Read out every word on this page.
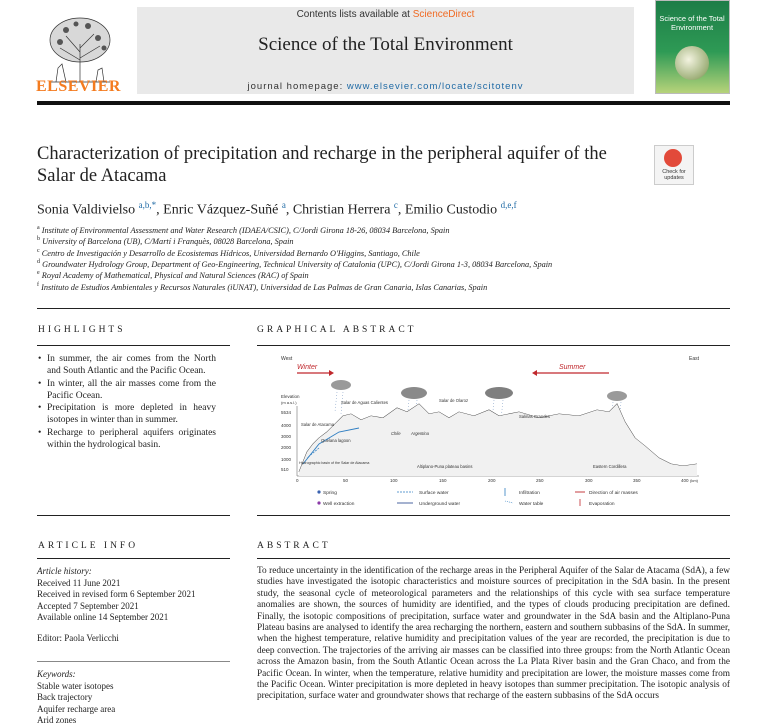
ELSEVIER
Contents lists available at ScienceDirect
Science of the Total Environment
journal homepage: www.elsevier.com/locate/scitotenv
Science of the Total Environment
Characterization of precipitation and recharge in the peripheral aquifer of the Salar de Atacama	Check for
updates
Sonia Valdivielso $^{a,b,*}$, Enric Vázquez-Suñé $^a$, Christian Herrera $^c$, Emilio Custodio $^{d,e,f}$
$^a$ Institute of Environmental Assessment and Water Research (IDAEA/CSIC), C/Jordi Girona 18-26, 08034 Barcelona, Spain
$^b$ University of Barcelona (UB), C/Martí i Franquès, 08028 Barcelona, Spain
$^c$ Centro de Investigación y Desarrollo de Ecosistemas Hídricos, Universidad Bernardo O'Higgins, Santiago, Chile
$^d$ Groundwater Hydrology Group, Department of Geo-Engineering, Technical University of Catalonia (UPC), C/Jordi Girona 1-3, 08034 Barcelona, Spain
$^e$ Royal Academy of Mathematical, Physical and Natural Sciences (RAC) of Spain
$^f$ Instituto de Estudios Ambientales y Recursos Naturales (iUNAT), Universidad de Las Palmas de Gran Canaria, Islas Canarias, Spain
HIGHLIGHTS
• In summer, the air comes from the North and South Atlantic and the Pacific Ocean.
• In winter, all the air masses come from the Pacific Ocean.
• Precipitation is more depleted in heavy isotopes in winter than in summer.
• Recharge to peripheral aquifers originates within the hydrological basin.
GRAPHICAL ABSTRACT
West	East
Winter	Summer
Elevation
(m a.s.l.)
5534
4000
3000
2000
1000
510
0	50	100	150	200	250	300	350	400 (km)
Salar de Atacama
Salar de Aguas Calientes	Salar de Olaroz
Salinas Grandes
Quelana lagoon
Chile Argentina
Altiplano-Puna plateau basins	Eastern Cordillera
Hydrographic basin of the Salar de Atacama
Spring
Well extraction
Surface water
Underground water
Infiltration
Water table
Direction of air masses
Evaporation
ARTICLE INFO
Article history:
Received 11 June 2021
Received in revised form 6 September 2021
Accepted 7 September 2021
Available online 14 September 2021
Editor: Paola Verlicchi
Keywords:
Stable water isotopes
Back trajectory
Aquifer recharge area
Arid zones
ABSTRACT
To reduce uncertainty in the identification of the recharge areas in the Peripheral Aquifer of the Salar de Atacama (SdA), a few studies have investigated the isotopic characteristics and moisture sources of precipitation in the SdA basin. In the present study, the seasonal cycle of meteorological parameters and the relationships of this cycle with sea surface temperature anomalies are shown, the sources of humidity are identified, and the types of clouds producing precipitation are defined. Finally, the isotopic compositions of precipitation, surface water and groundwater in the SdA basin and the Altiplano-Puna Plateau basins are analysed to identify the area recharging the northern, eastern and southern subbasins of the SdA. In summer, when the highest temperature, relative humidity and precipitation values of the year are recorded, the precipitation is due to deep convection. The trajectories of the arriving air masses can be classified into three groups: from the North Atlantic Ocean across the Amazon basin, from the South Atlantic Ocean across the La Plata River basin and the Gran Chaco, and from the Pacific Ocean. In winter, when the temperature, relative humidity and precipitation are lower, the moisture masses come from the Pacific Ocean. Winter precipitation is more depleted in heavy isotopes than summer precipitation. The isotopic analysis of precipitation, surface water and groundwater shows that recharge of the eastern subbasins of the SdA occurs
